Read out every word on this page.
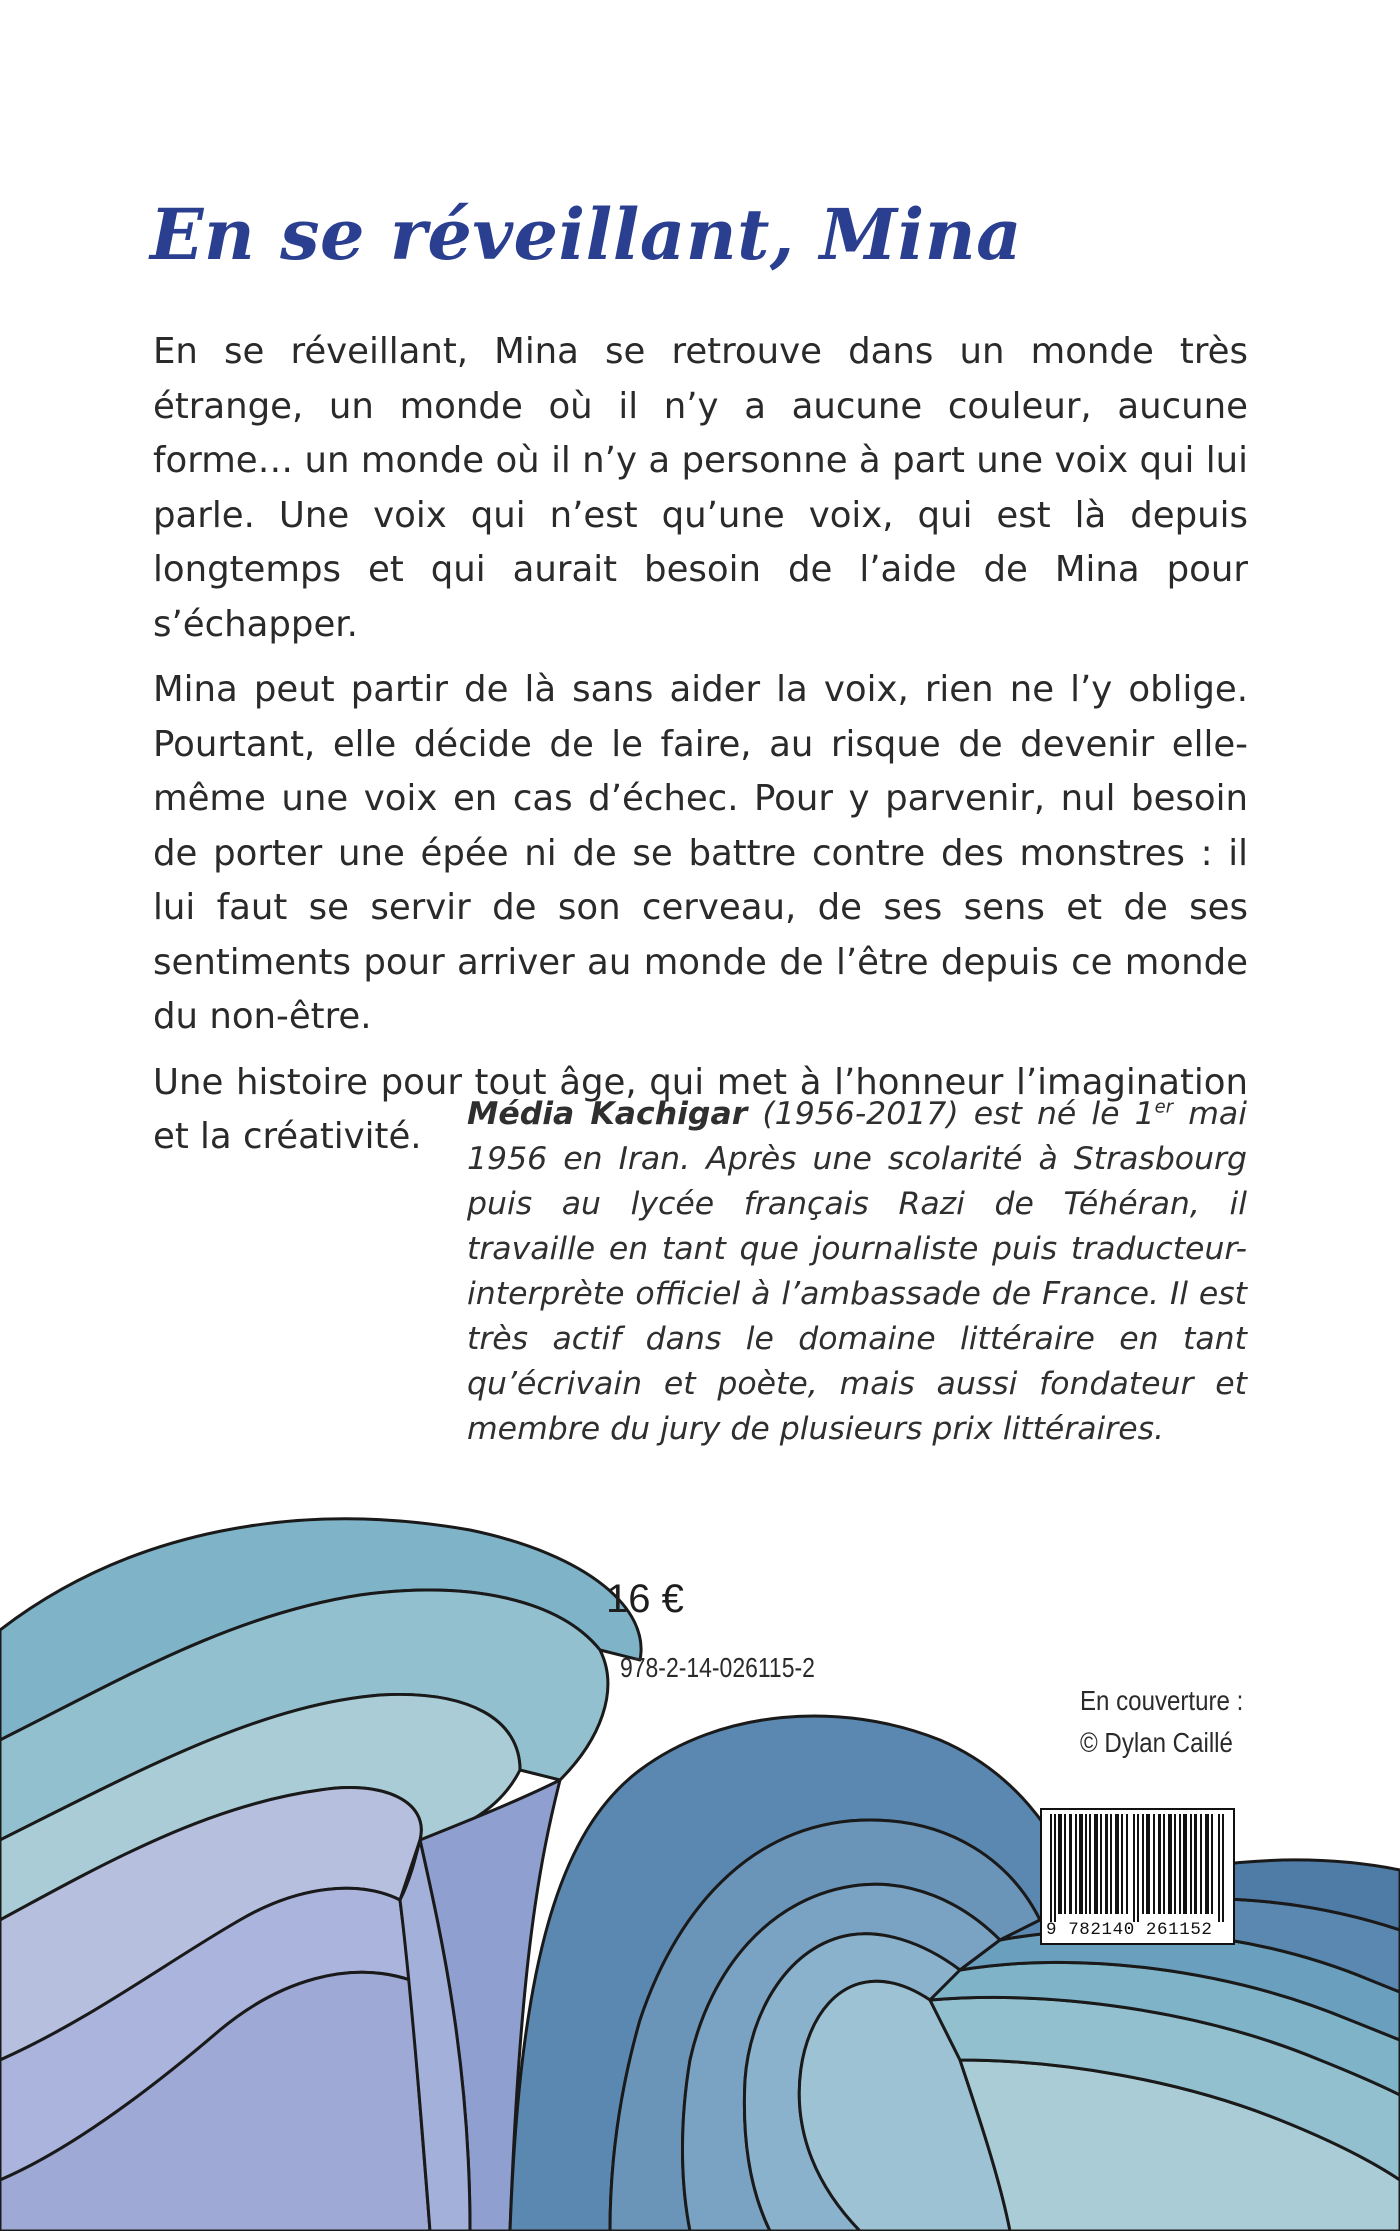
En se réveillant, Mina

En se réveillant, Mina se retrouve dans un monde très étrange, un monde où il n’y a aucune couleur, aucune forme… un monde où il n’y a personne à part une voix qui lui parle. Une voix qui n’est qu’une voix, qui est là depuis longtemps et qui aurait besoin de l’aide de Mina pour s’échapper.

Mina peut partir de là sans aider la voix, rien ne l’y oblige. Pourtant, elle décide de le faire, au risque de devenir elle-même une voix en cas d’échec. Pour y parvenir, nul besoin de porter une épée ni de se battre contre des monstres : il lui faut se servir de son cerveau, de ses sens et de ses sentiments pour arriver au monde de l’être depuis ce monde du non-être.

Une histoire pour tout âge, qui met à l’honneur l’imagination et la créativité.

Média Kachigar (1956-2017) est né le 1er mai 1956 en Iran. Après une scolarité à Strasbourg puis au lycée français Razi de Téhéran, il travaille en tant que journaliste puis traducteur-interprète officiel à l’ambassade de France. Il est très actif dans le domaine littéraire en tant qu’écrivain et poète, mais aussi fondateur et membre du jury de plusieurs prix littéraires.

16 €

978-2-14-026115-2

En couverture :
© Dylan Caillé
9 782140 261152
